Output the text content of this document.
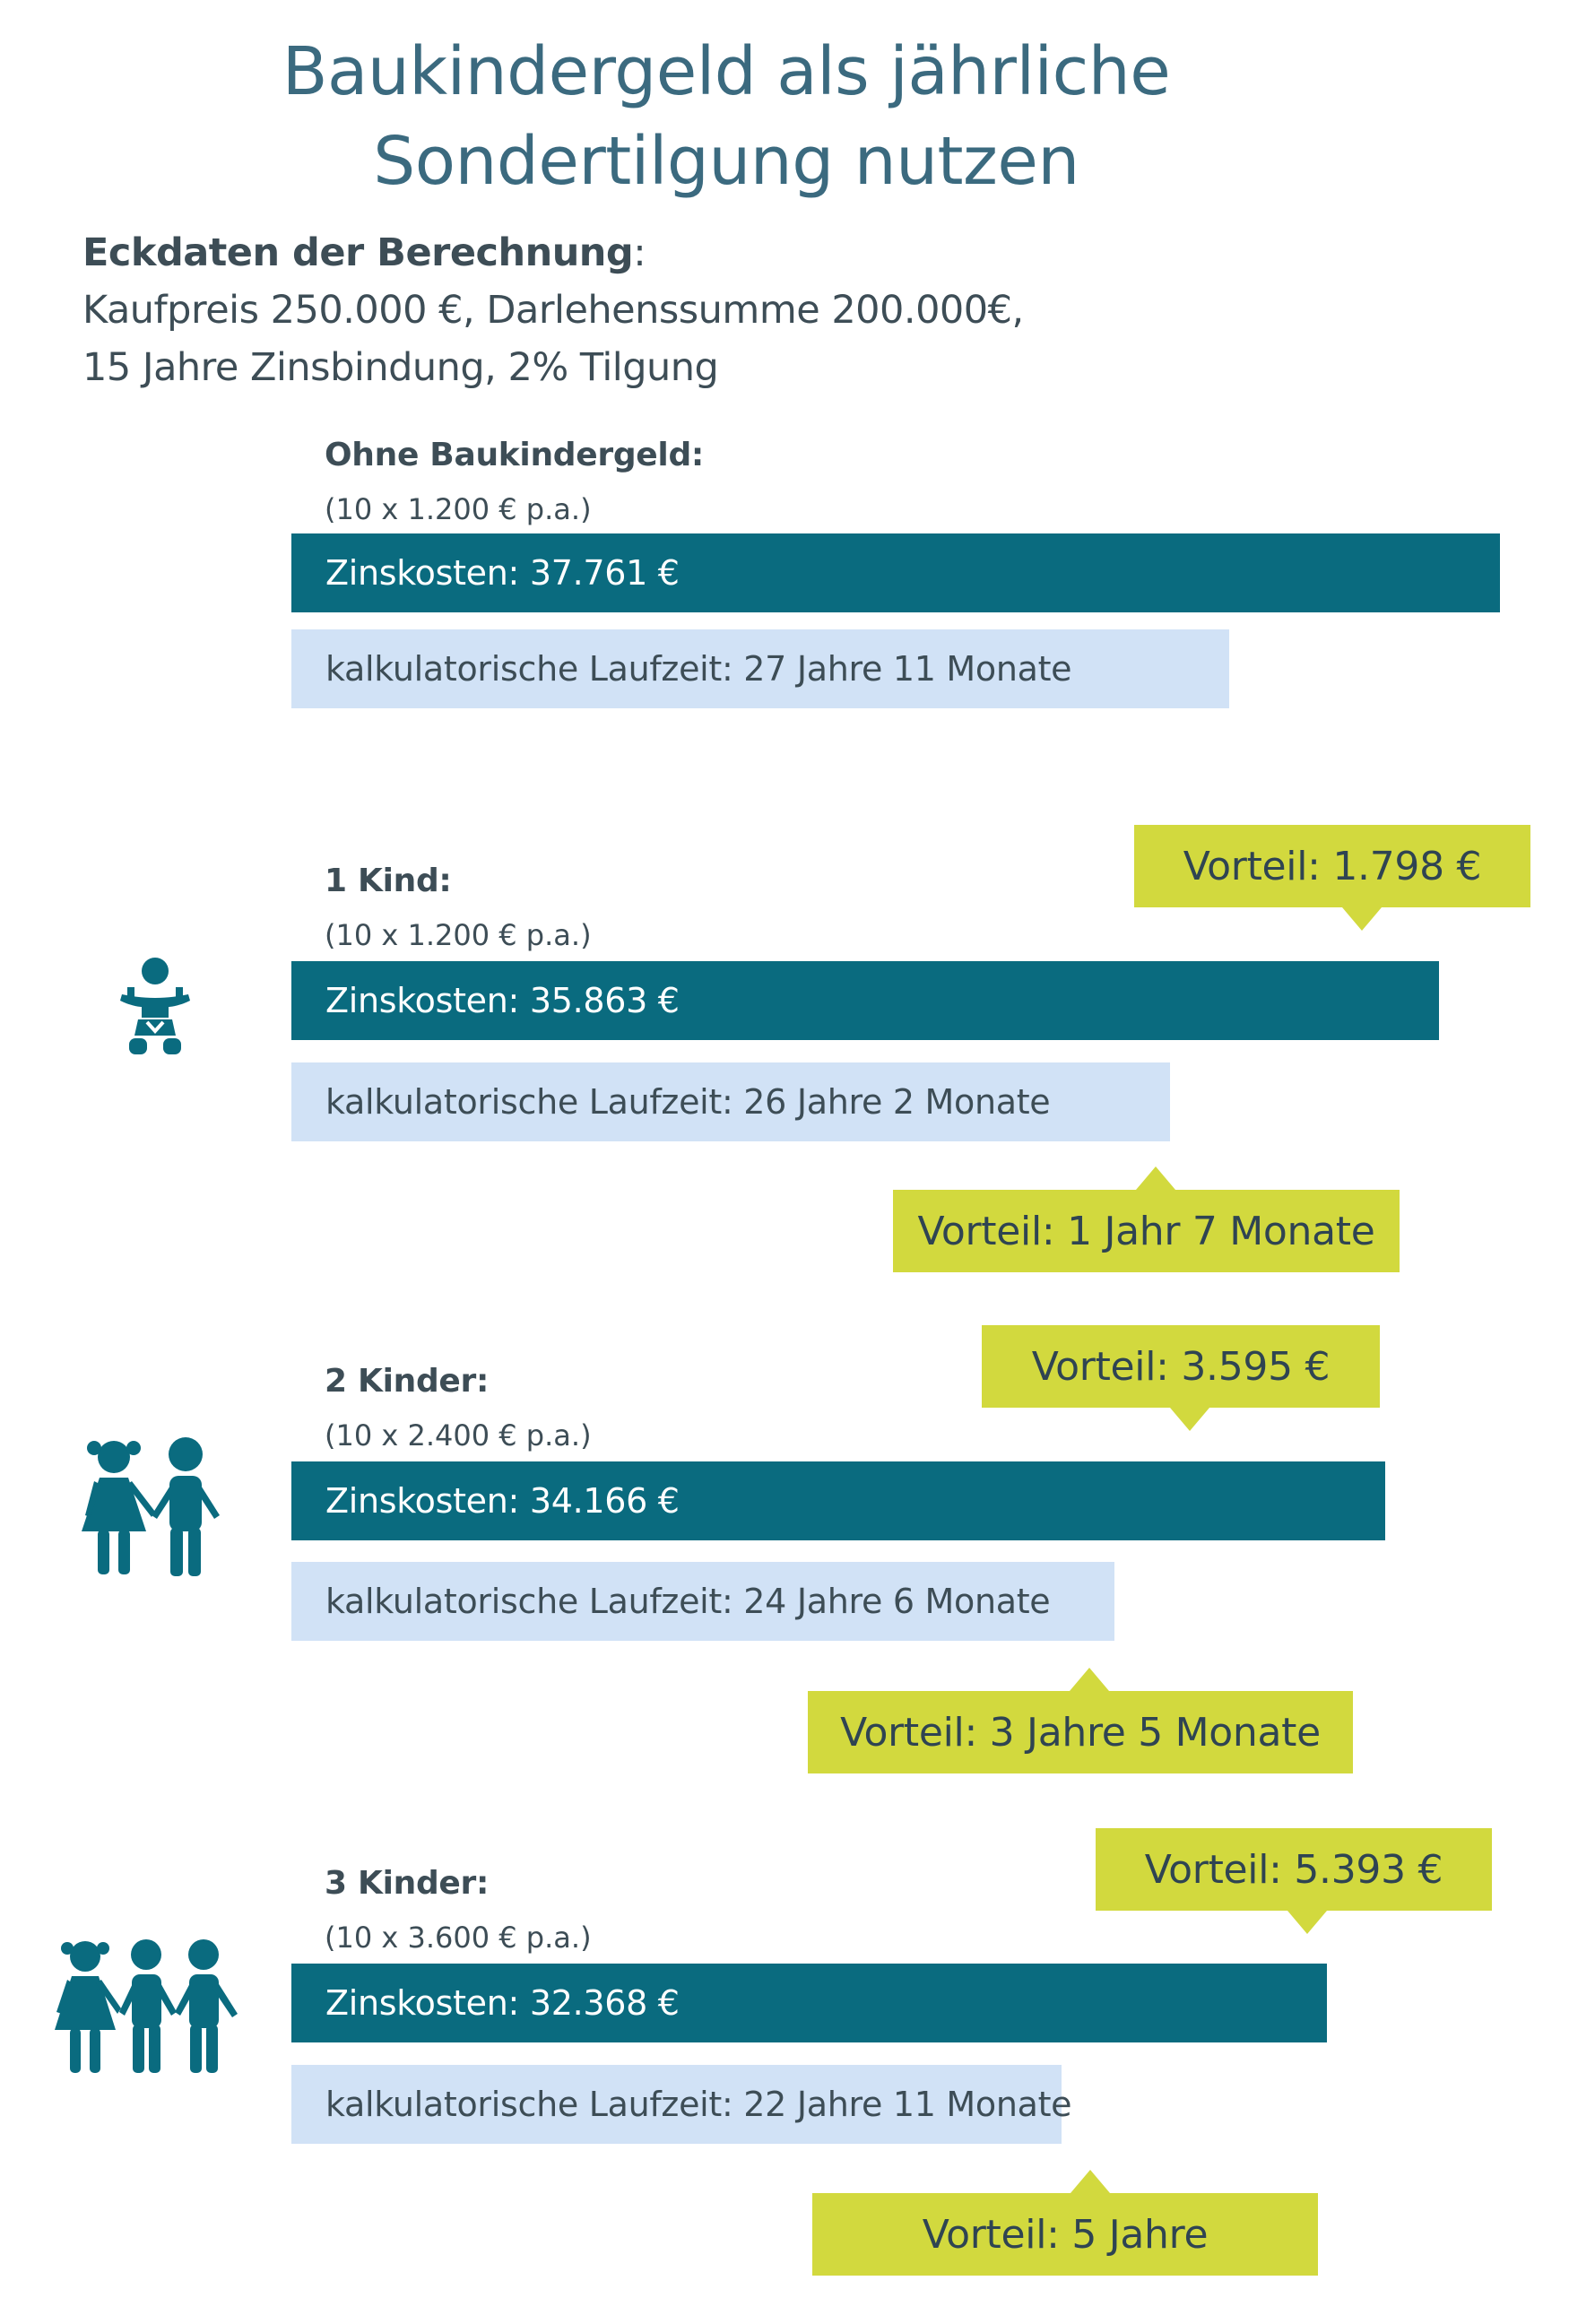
Baukindergeld als jährliche
Sondertilgung nutzen
Eckdaten der Berechnung:
Kaufpreis 250.000 €, Darlehenssumme 200.000€,
15 Jahre Zinsbindung, 2% Tilgung
Ohne Baukindergeld:
(10 x 1.200 € p.a.)
Zinskosten: 37.761 €
kalkulatorische Laufzeit: 27 Jahre 11 Monate
Vorteil: 1.798 €
1 Kind:
(10 x 1.200 € p.a.)
Zinskosten: 35.863 €
kalkulatorische Laufzeit: 26 Jahre 2 Monate
Vorteil: 1 Jahr 7 Monate
Vorteil: 3.595 €
2 Kinder:
(10 x 2.400 € p.a.)
Zinskosten: 34.166 €
kalkulatorische Laufzeit: 24 Jahre 6 Monate
Vorteil: 3 Jahre 5 Monate
Vorteil: 5.393 €
3 Kinder:
(10 x 3.600 € p.a.)
Zinskosten: 32.368 €
kalkulatorische Laufzeit: 22 Jahre 11 Monate
Vorteil: 5 Jahre
